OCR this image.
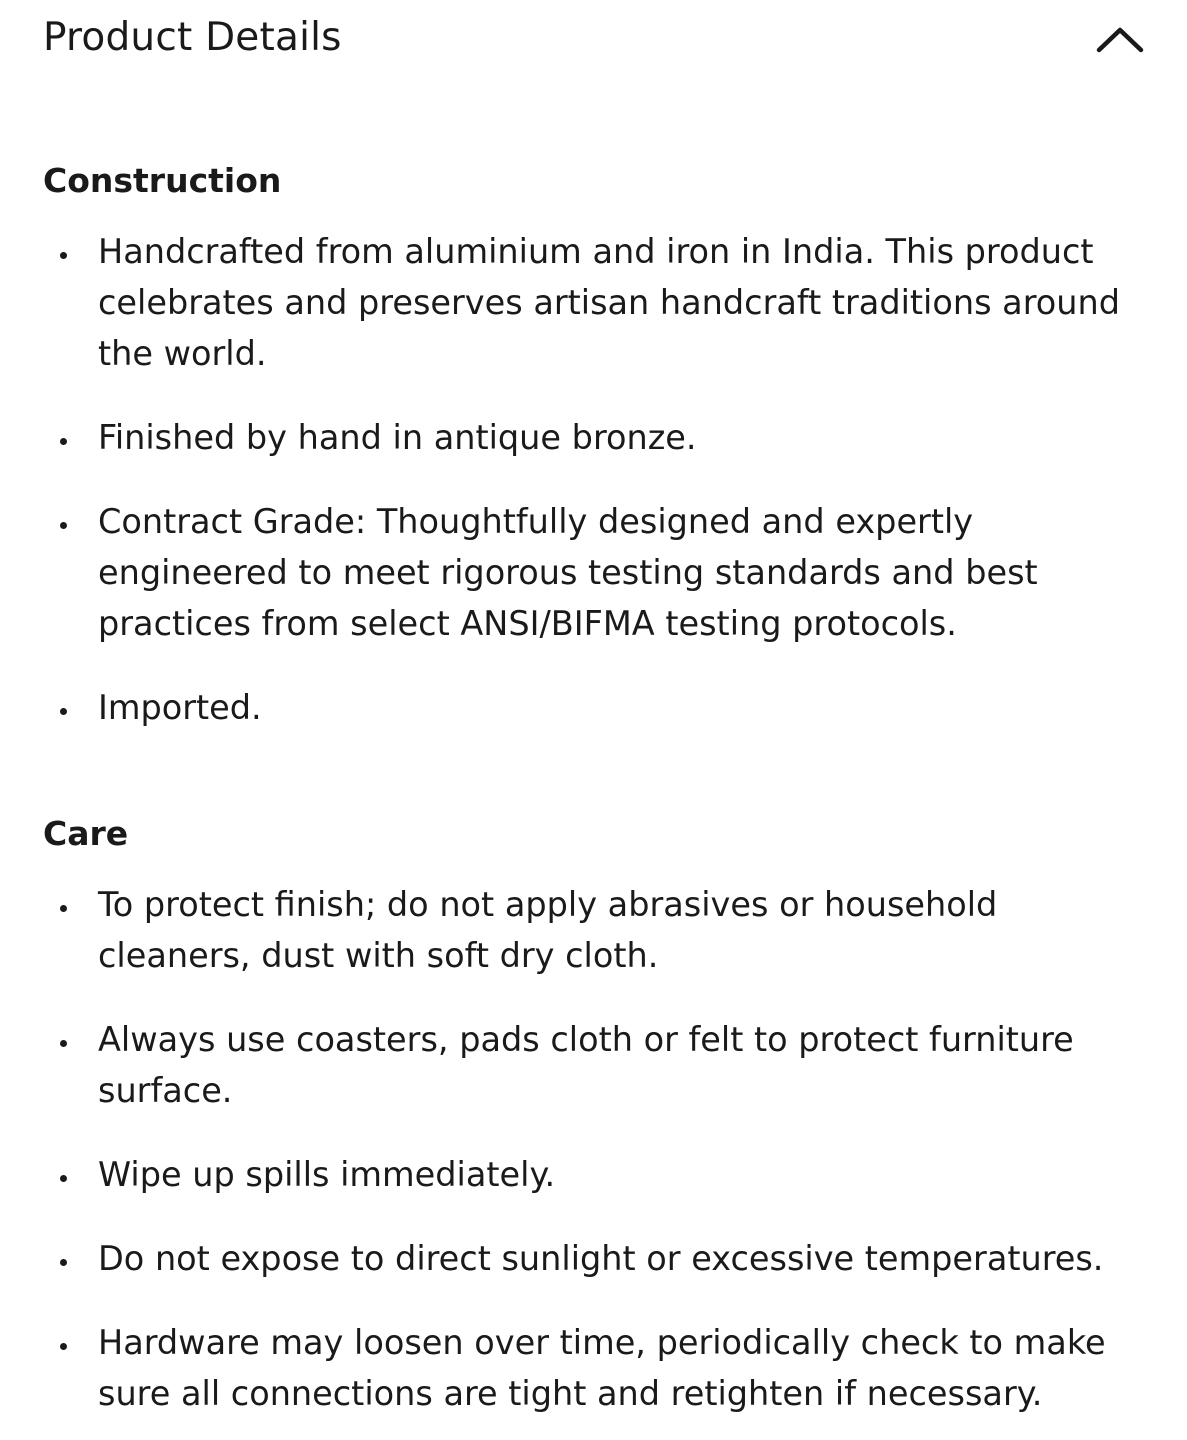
Product Details
Construction
Handcrafted from aluminium and iron in India. This product celebrates and preserves artisan handcraft traditions around the world.
Finished by hand in antique bronze.
Contract Grade: Thoughtfully designed and expertly engineered to meet rigorous testing standards and best practices from select ANSI/BIFMA testing protocols.
Imported.
Care
To protect finish; do not apply abrasives or household cleaners, dust with soft dry cloth.
Always use coasters, pads cloth or felt to protect furniture surface.
Wipe up spills immediately.
Do not expose to direct sunlight or excessive temperatures.
Hardware may loosen over time, periodically check to make sure all connections are tight and retighten if necessary.
